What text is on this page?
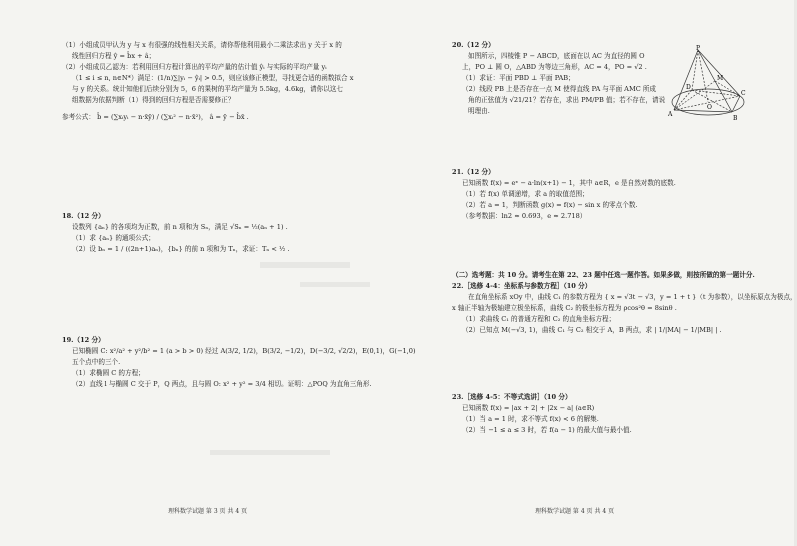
（1）小组成员甲认为 y 与 x 有很强的线性相关关系，请你帮他利用最小二乘法求出 y 关于 x 的
线性回归方程 ŷ = b̂x + â；
（2）小组成员乙認为：若利用回归方程计算出的平均产量的估计值 ŷᵢ 与实际的平均产量 yᵢ
（1 ≤ i ≤ n, n∈N*）满足：(1/n)∑|yᵢ − ŷᵢ| > 0.5，则应该修正模型，寻找更合适的函数拟合 x
与 y 的关系。统计知他们后续分别为 5，6 的果树的平均产量为 5.5kg，4.6kg，请你以这七
组数据为依据判断（1）得到的回归方程是否需要修正？
参考公式： b̂ = (∑xᵢyᵢ − n·x̄ȳ) / (∑xᵢ² − n·x̄²)， â = ȳ − b̂x̄ .
18.（12 分）
设数列 {aₙ} 的各项均为正数，前 n 项和为 Sₙ，满足 √Sₙ = ½(aₙ + 1) .
（1）求 {aₙ} 的通项公式；
（2）设 bₙ = 1 / ((2n+1)aₙ)，{bₙ} 的前 n 项和为 Tₙ，求证：Tₙ < ½ .
19.（12 分）
已知椭圆 C: x²/a² + y²/b² = 1 (a > b > 0) 经过 A(3/2, 1/2)，B(3/2, −1/2)，D(−3/2, √2/2)，E(0,1)，G(−1,0)
五个点中的三个.
（1）求椭圆 C 的方程；
（2）直线 l 与椭圆 C 交于 P，Q 两点，且与圆 O: x² + y² = 3/4 相切。证明：△POQ 为直角三角形.
理科数学试题 第 3 页 共 4 页
20.（12 分）
如图所示，四棱锥 P − ABCD，底面在以 AC 为直径的圆 O
上，PO ⊥ 圆 O，△ABD 为等边三角形，AC = 4，PO = √2 .
（1）求证：平面 PBD ⊥ 平面 PAB；
（2）线段 PB 上是否存在一点 M 使得直线 PA 与平面 AMC 所成
角的正弦值为 √21/21？若存在，求出 PM/PB 值；若不存在，请说
明理由.
21.（12 分）
已知函数 f(x) = eˣ − a·ln(x+1) − 1，其中 a∈R，e 是自然对数的底数.
（1）若 f(x) 单调递增，求 a 的取值范围；
（2）若 a = 1，判断函数 g(x) = f(x) − sin x 的零点个数.
（参考数据：ln2 ≈ 0.693，e ≈ 2.718）
（二）选考题：共 10 分。请考生在第 22、23 题中任选一题作答。如果多做，则按所做的第一题计分.
22.［选修 4-4：坐标系与参数方程］（10 分）
在直角坐标系 xOy 中，曲线 C₁ 的参数方程为 { x = √3t − √3，y = 1 + t }（t 为参数），以坐标原点为极点，
x 轴正半轴为极轴建立极坐标系，曲线 C₂ 的极坐标方程为 ρcos²θ = 8sinθ .
（1）求曲线 C₁ 的普通方程和 C₂ 的直角坐标方程；
（2）已知点 M(−√3, 1)，曲线 C₁ 与 C₂ 相交于 A，B 两点，求 | 1/|MA| − 1/|MB| | .
23.［选修 4-5：不等式选讲］（10 分）
已知函数 f(x) = |ax + 2| + |2x − a| (a∈R)
（1）当 a = 1 时，求不等式 f(x) < 6 的解集.
（2）当 −1 ≤ a ≤ 3 时，若 f(a − 1) 的最大值与最小值.
理科数学试题 第 4 页 共 4 页
P
D
C
O
A
B
M
